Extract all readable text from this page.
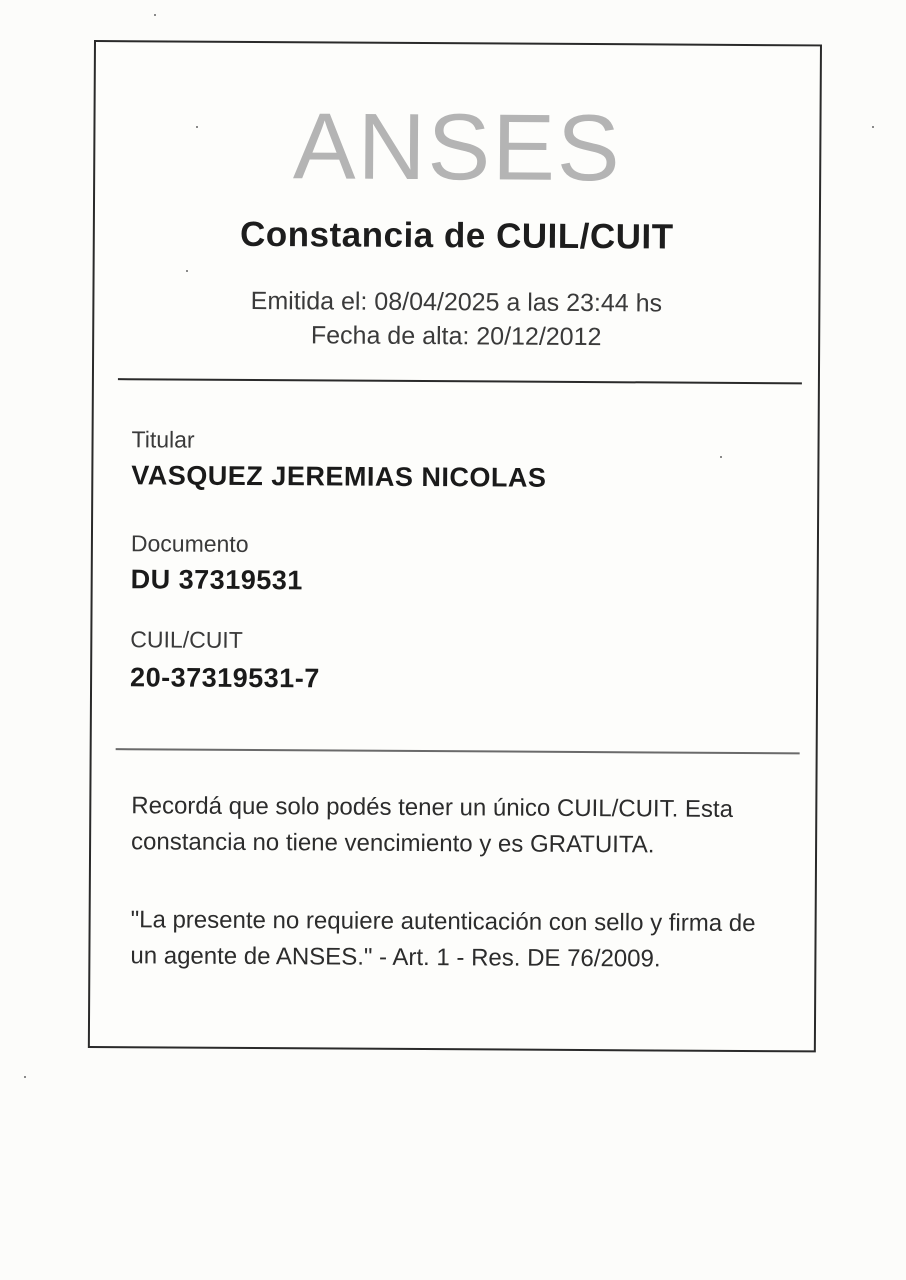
ANSES
Constancia de CUIL/CUIT
Emitida el: 08/04/2025 a las 23:44 hs
Fecha de alta: 20/12/2012
Titular
VASQUEZ JEREMIAS NICOLAS
Documento
DU 37319531
CUIL/CUIT
20-37319531-7
Recordá que solo podés tener un único CUIL/CUIT. Esta constancia no tiene vencimiento y es GRATUITA.
"La presente no requiere autenticación con sello y firma de un agente de ANSES." - Art. 1 - Res. DE 76/2009.
